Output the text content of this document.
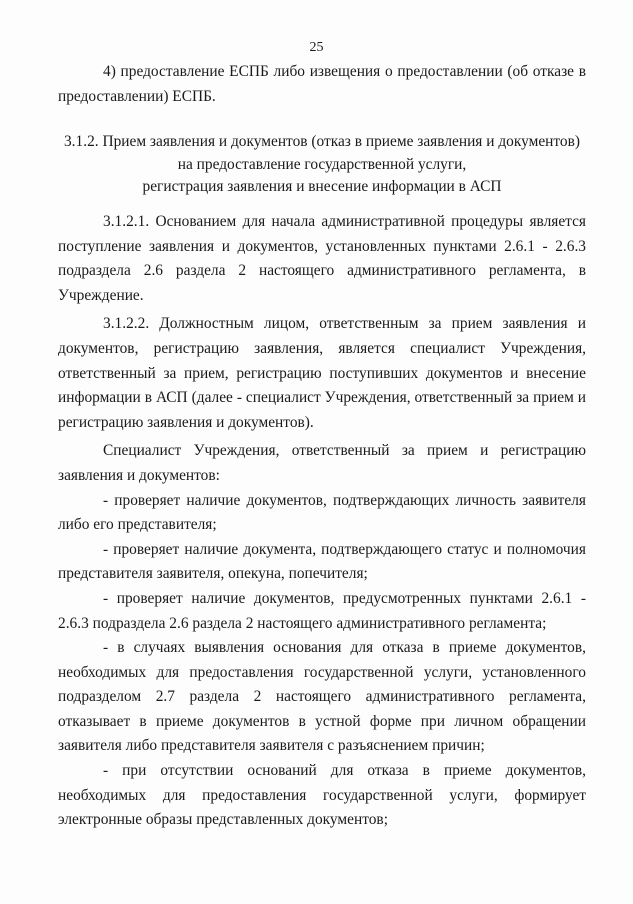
25

4) предоставление ЕСПБ либо извещения о предоставлении (об отказе в предоставлении) ЕСПБ.

3.1.2. Прием заявления и документов (отказ в приеме заявления и документов)

на предоставление государственной услуги,

регистрация заявления и внесение информации в АСП

3.1.2.1. Основанием для начала административной процедуры является поступление заявления и документов, установленных пунктами 2.6.1 - 2.6.3 подраздела 2.6 раздела 2 настоящего административного регламента, в Учреждение.

3.1.2.2. Должностным лицом, ответственным за прием заявления и документов, регистрацию заявления, является специалист Учреждения, ответственный за прием, регистрацию поступивших документов и внесение информации в АСП (далее - специалист Учреждения, ответственный за прием и регистрацию заявления и документов).

Специалист Учреждения, ответственный за прием и регистрацию заявления и документов:

- проверяет наличие документов, подтверждающих личность заявителя либо его представителя;

- проверяет наличие документа, подтверждающего статус и полномочия представителя заявителя, опекуна, попечителя;

- проверяет наличие документов, предусмотренных пунктами 2.6.1 - 2.6.3 подраздела 2.6 раздела 2 настоящего административного регламента;

- в случаях выявления основания для отказа в приеме документов, необходимых для предоставления государственной услуги, установленного подразделом 2.7 раздела 2 настоящего административного регламента, отказывает в приеме документов в устной форме при личном обращении заявителя либо представителя заявителя с разъяснением причин;

- при отсутствии оснований для отказа в приеме документов, необходимых для предоставления государственной услуги, формирует электронные образы представленных документов;
